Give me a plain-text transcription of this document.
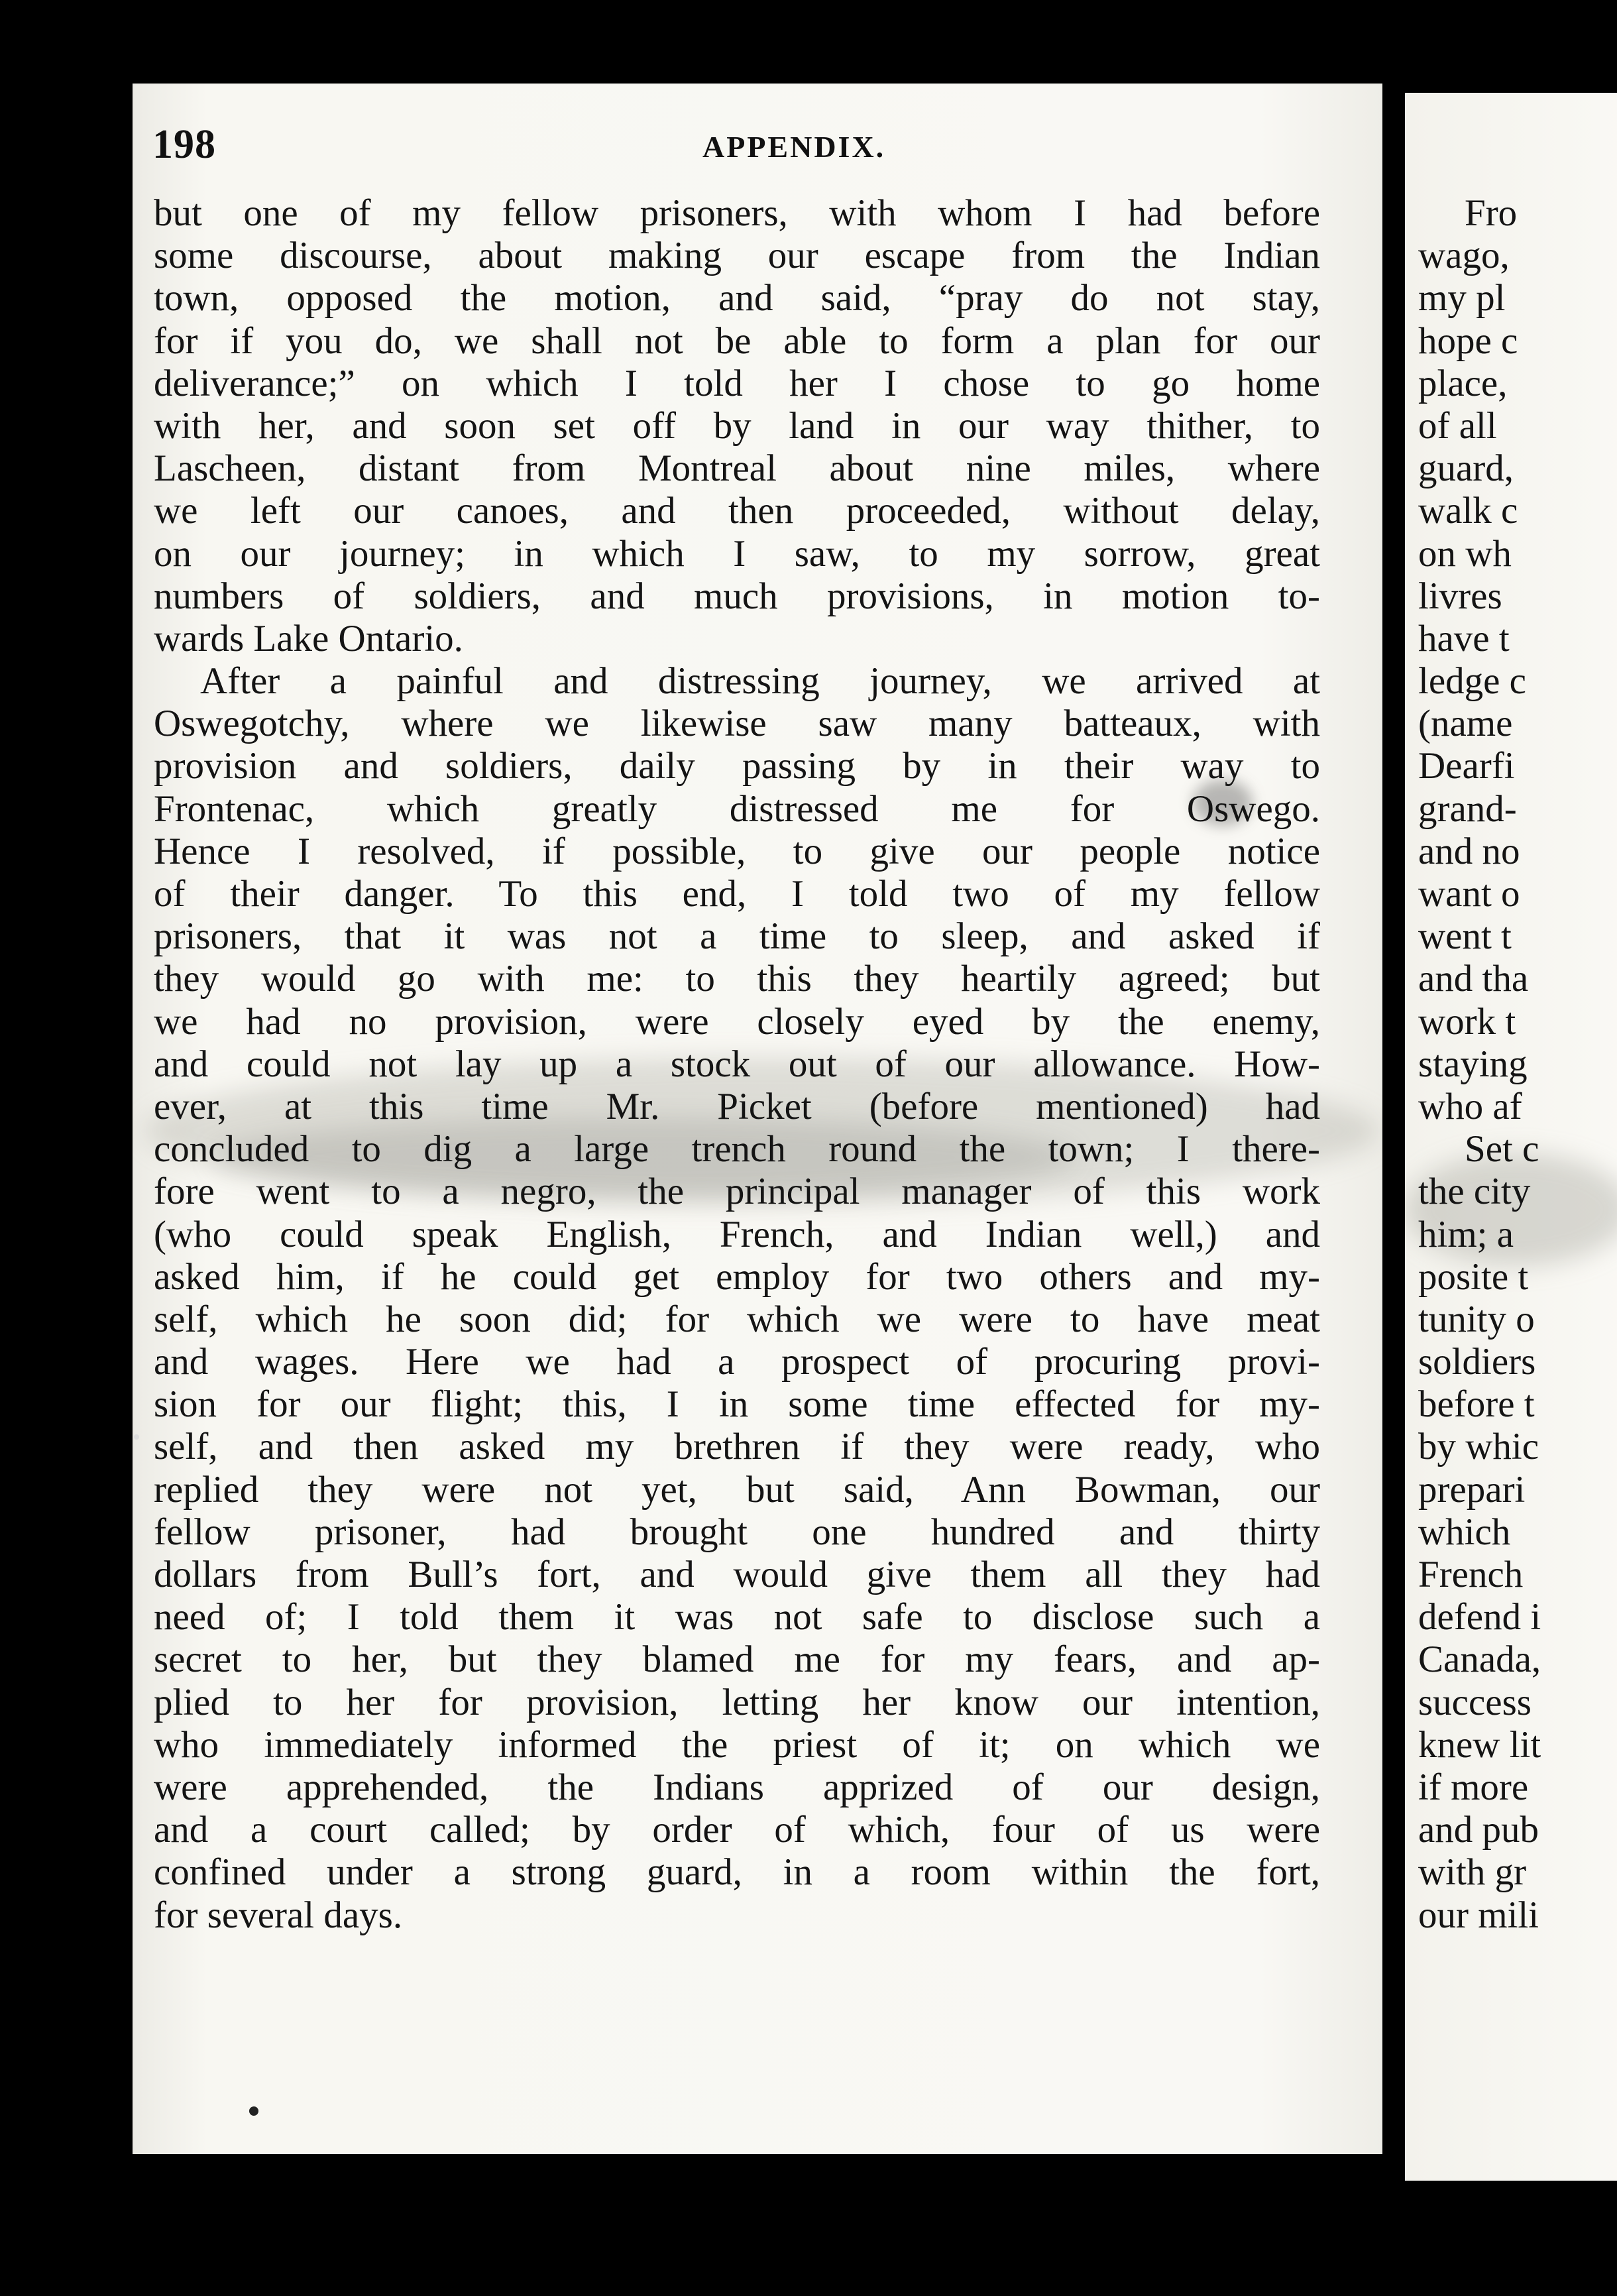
198	APPENDIX.
but one of my fellow prisoners, with whom I had before
some discourse, about making our escape from the Indian
town, opposed the motion, and said, “pray do not stay,
for if you do, we shall not be able to form a plan for our
deliverance;” on which I told her I chose to go home
with her, and soon set off by land in our way thither, to
Lascheen, distant from Montreal about nine miles, where
we left our canoes, and then proceeded, without delay,
on our journey; in which I saw, to my sorrow, great
numbers of soldiers, and much provisions, in motion to-
wards Lake Ontario.
After a painful and distressing journey, we arrived at
Oswegotchy, where we likewise saw many batteaux, with
provision and soldiers, daily passing by in their way to
Frontenac, which greatly distressed me for Oswego.
Hence I resolved, if possible, to give our people notice
of their danger. To this end, I told two of my fellow
prisoners, that it was not a time to sleep, and asked if
they would go with me: to this they heartily agreed; but
we had no provision, were closely eyed by the enemy,
and could not lay up a stock out of our allowance. How-
ever, at this time Mr. Picket (before mentioned) had
concluded to dig a large trench round the town; I there-
fore went to a negro, the principal manager of this work
(who could speak English, French, and Indian well,) and
asked him, if he could get employ for two others and my-
self, which he soon did; for which we were to have meat
and wages. Here we had a prospect of procuring provi-
sion for our flight; this, I in some time effected for my-
self, and then asked my brethren if they were ready, who
replied they were not yet, but said, Ann Bowman, our
fellow prisoner, had brought one hundred and thirty
dollars from Bull’s fort, and would give them all they had
need of; I told them it was not safe to disclose such a
secret to her, but they blamed me for my fears, and ap-
plied to her for provision, letting her know our intention,
who immediately informed the priest of it; on which we
were apprehended, the Indians apprized of our design,
and a court called; by order of which, four of us were
confined under a strong guard, in a room within the fort,
for several days.
Fro
wago,
my pl
hope c
place,
of all
guard,
walk c
on wh
livres
have t
ledge c
(name
Dearfi
grand-
and no
want o
went t
and tha
work t
staying
who af
Set c
the city
him; a
posite t
tunity o
soldiers
before t
by whic
prepari
which
French
defend i
Canada,
success
knew lit
if more
and pub
with gr
our mili
